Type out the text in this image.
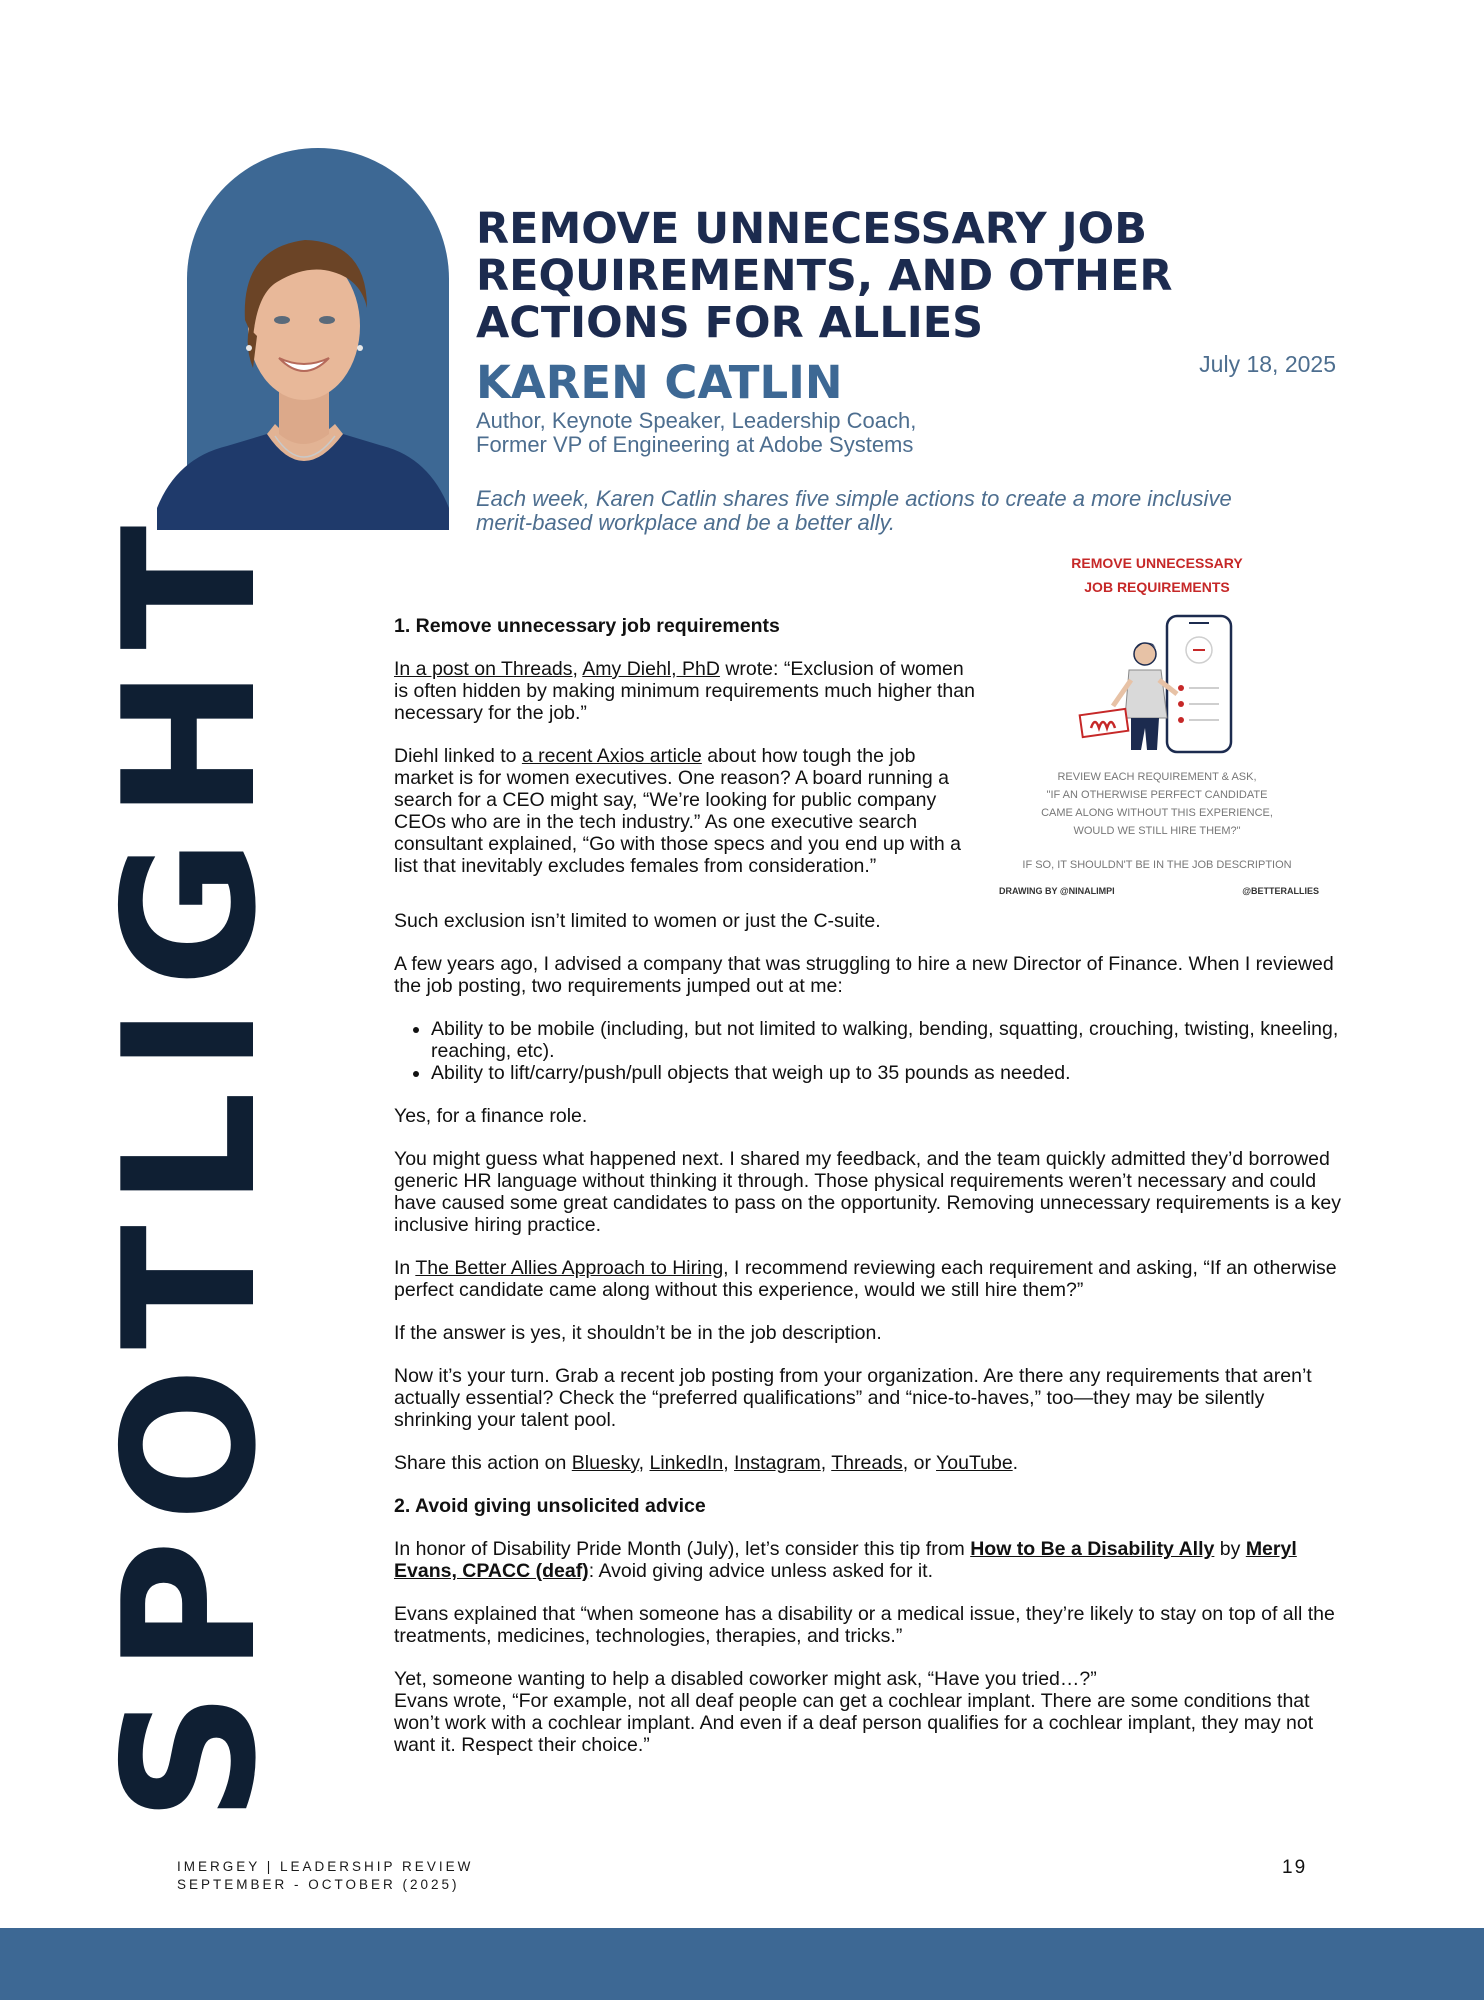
REMOVE UNNECESSARY JOB
REQUIREMENTS, AND OTHER
ACTIONS FOR ALLIES
KAREN CATLIN	July 18, 2025
Author, Keynote Speaker, Leadership Coach,
Former VP of Engineering at Adobe Systems
Each week, Karen Catlin shares five simple actions to create a more inclusive
merit-based workplace and be a better ally.
SPOTLIGHT	REMOVE UNNECESSARY
JOB REQUIREMENTS
REVIEW EACH REQUIREMENT & ASK,
"IF AN OTHERWISE PERFECT CANDIDATE
CAME ALONG WITHOUT THIS EXPERIENCE,
WOULD WE STILL HIRE THEM?"
IF SO, IT SHOULDN'T BE IN THE JOB DESCRIPTION
DRAWING BY @NINALIMPI	@BETTERALLIES

1. Remove unnecessary job requirements

In a post on Threads, Amy Diehl, PhD wrote: “Exclusion of women is often hidden by making minimum requirements much higher than necessary for the job.”

Diehl linked to a recent Axios article about how tough the job market is for women executives. One reason? A board running a search for a CEO might say, “We’re looking for public company CEOs who are in the tech industry.” As one executive search consultant explained, “Go with those specs and you end up with a list that inevitably excludes females from consideration.”

Such exclusion isn’t limited to women or just the C-suite.

A few years ago, I advised a company that was struggling to hire a new Director of Finance. When I reviewed the job posting, two requirements jumped out at me:

• Ability to be mobile (including, but not limited to walking, bending, squatting, crouching, twisting, kneeling, reaching, etc).
• Ability to lift/carry/push/pull objects that weigh up to 35 pounds as needed.

Yes, for a finance role.

You might guess what happened next. I shared my feedback, and the team quickly admitted they’d borrowed generic HR language without thinking it through. Those physical requirements weren’t necessary and could have caused some great candidates to pass on the opportunity. Removing unnecessary requirements is a key inclusive hiring practice.

In The Better Allies Approach to Hiring, I recommend reviewing each requirement and asking, “If an otherwise perfect candidate came along without this experience, would we still hire them?”

If the answer is yes, it shouldn’t be in the job description.

Now it’s your turn. Grab a recent job posting from your organization. Are there any requirements that aren’t actually essential? Check the “preferred qualifications” and “nice-to-haves,” too—they may be silently shrinking your talent pool.

Share this action on Bluesky, LinkedIn, Instagram, Threads, or YouTube.

2. Avoid giving unsolicited advice

In honor of Disability Pride Month (July), let’s consider this tip from How to Be a Disability Ally by Meryl Evans, CPACC (deaf): Avoid giving advice unless asked for it.

Evans explained that “when someone has a disability or a medical issue, they’re likely to stay on top of all the treatments, medicines, technologies, therapies, and tricks.”

Yet, someone wanting to help a disabled coworker might ask, “Have you tried…?”
Evans wrote, “For example, not all deaf people can get a cochlear implant. There are some conditions that won’t work with a cochlear implant. And even if a deaf person qualifies for a cochlear implant, they may not want it. Respect their choice.”

IMERGEY | LEADERSHIP REVIEW
SEPTEMBER - OCTOBER (2025)
19
